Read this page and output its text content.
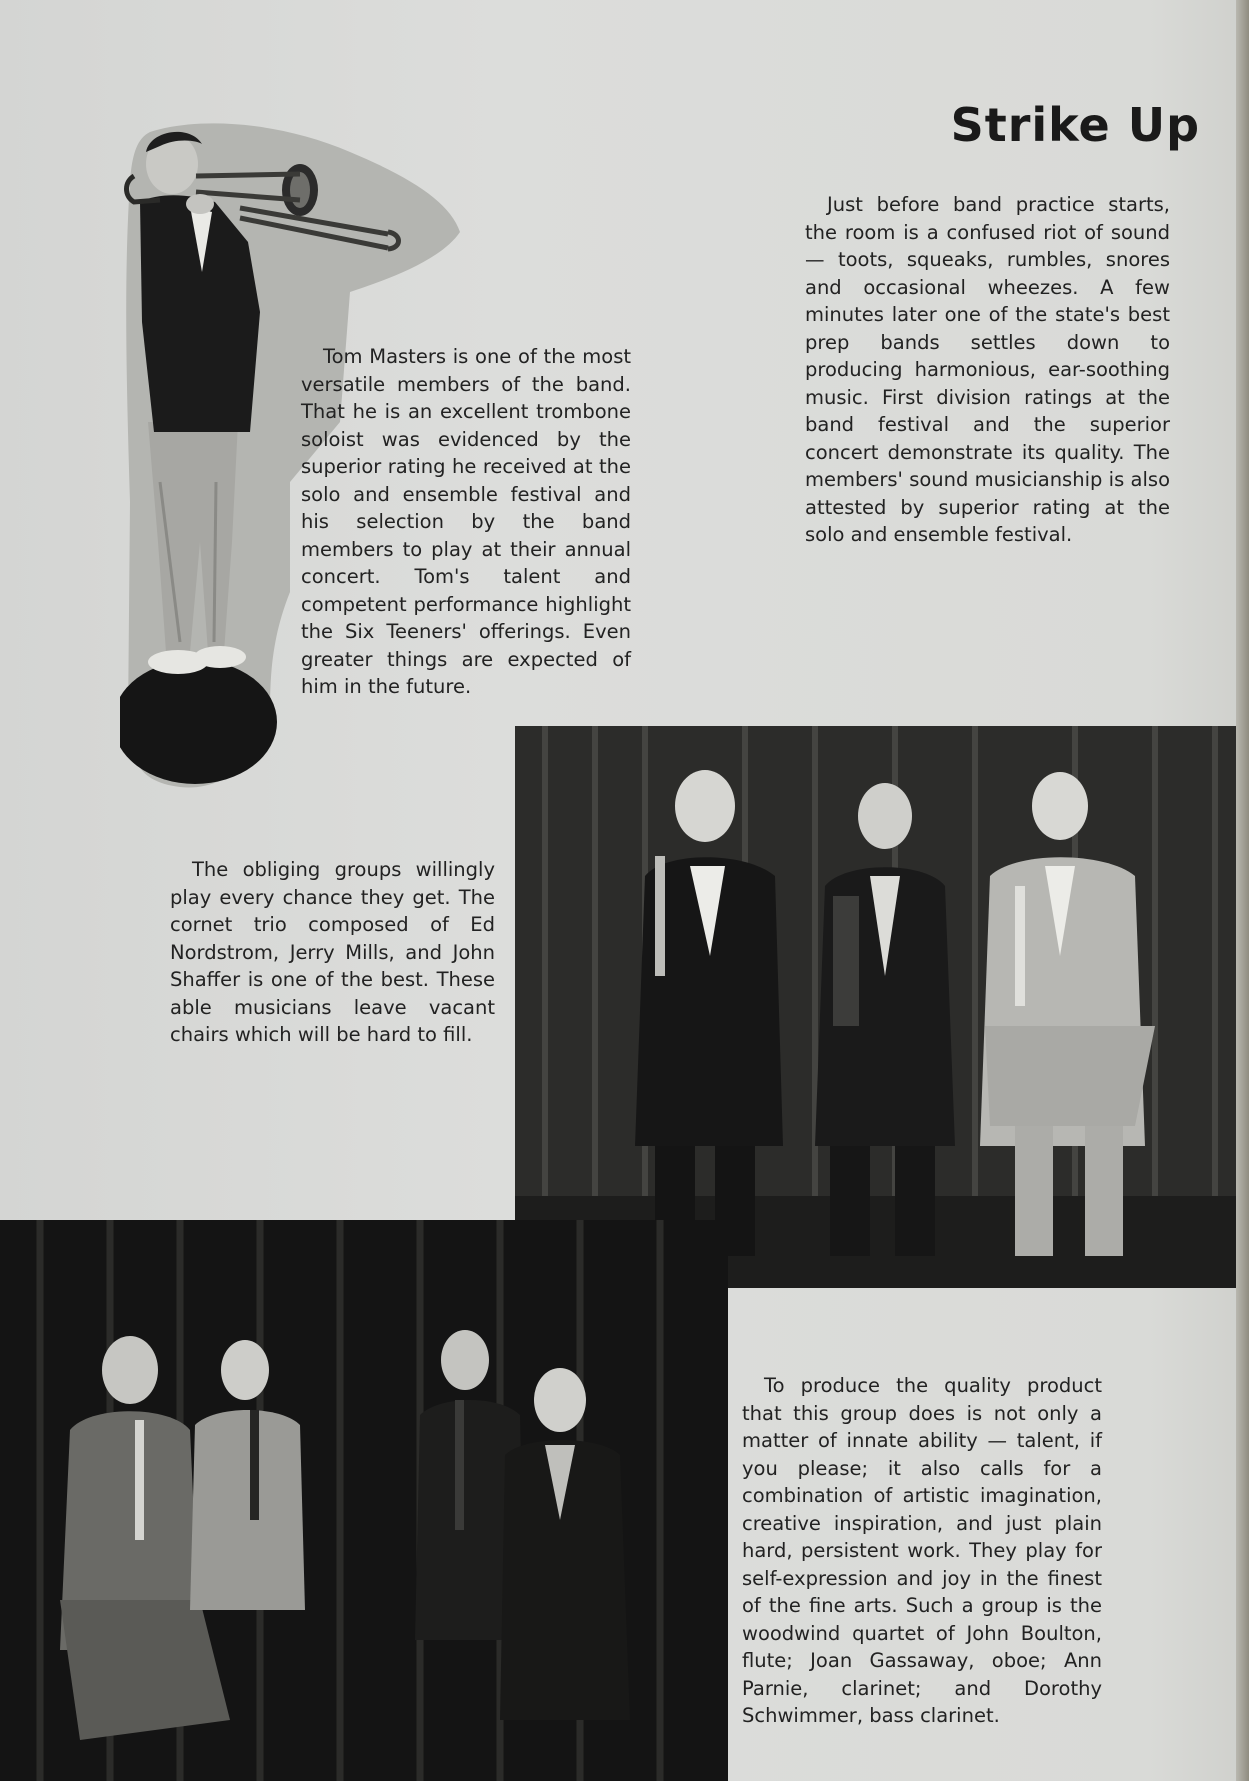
Strike Up
Just before band practice starts, the room is a confused riot of sound — toots, squeaks, rumbles, snores and occasional wheezes. A few minutes later one of the state's best prep bands settles down to producing harmonious, ear-soothing music. First division ratings at the band festival and the superior concert demonstrate its quality. The members' sound musicianship is also attested by superior rating at the solo and ensemble festival.
Tom Masters is one of the most versatile members of the band. That he is an excellent trombone soloist was evidenced by the superior rating he received at the solo and ensemble festival and his selection by the band members to play at their annual concert. Tom's talent and competent performance highlight the Six Teeners' offerings. Even greater things are expected of him in the future.
The obliging groups willingly play every chance they get. The cornet trio composed of Ed Nordstrom, Jerry Mills, and John Shaffer is one of the best. These able musicians leave vacant chairs which will be hard to fill.
To produce the quality product that this group does is not only a matter of innate ability — talent, if you please; it also calls for a combination of artistic imagination, creative inspiration, and just plain hard, persistent work. They play for self-expression and joy in the finest of the fine arts. Such a group is the woodwind quartet of John Boulton, flute; Joan Gassaway, oboe; Ann Parnie, clarinet; and Dorothy Schwimmer, bass clarinet.
